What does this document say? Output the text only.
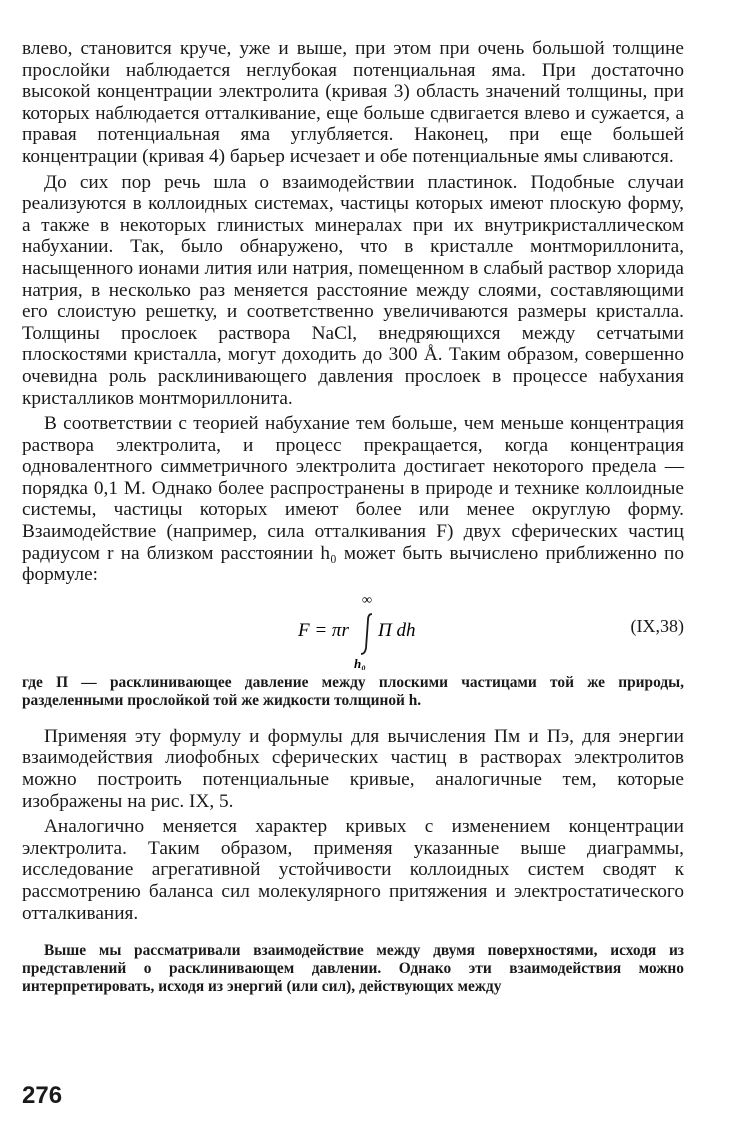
влево, становится круче, уже и выше, при этом при очень большой толщине прослойки наблюдается неглубокая потенциальная яма. При достаточно высокой концентрации электролита (кривая 3) область значений толщины, при которых наблюдается отталкивание, еще больше сдвигается влево и сужается, а правая потенциальная яма углубляется. Наконец, при еще большей концентрации (кривая 4) барьер исчезает и обе потенциальные ямы сливаются.

До сих пор речь шла о взаимодействии пластинок. Подобные случаи реализуются в коллоидных системах, частицы которых имеют плоскую форму, а также в некоторых глинистых минералах при их внутрикристаллическом набухании. Так, было обнаружено, что в кристалле монтмориллонита, насыщенного ионами лития или натрия, помещенном в слабый раствор хлорида натрия, в несколько раз меняется расстояние между слоями, составляющими его слоистую решетку, и соответственно увеличиваются размеры кристалла. Толщины прослоек раствора NaCl, внедряющихся между сетчатыми плоскостями кристалла, могут доходить до 300 Å. Таким образом, совершенно очевидна роль расклинивающего давления прослоек в процессе набухания кристалликов монтмориллонита.

В соответствии с теорией набухание тем больше, чем меньше концентрация раствора электролита, и процесс прекращается, когда концентрация одновалентного симметричного электролита достигает некоторого предела — порядка 0,1 М. Однако более распространены в природе и технике коллоидные системы, частицы которых имеют более или менее округлую форму. Взаимодействие (например, сила отталкивания F) двух сферических частиц радиусом r на близком расстоянии h₀ может быть вычислено приближенно по формуле:

F = πr
∞
h₀
Π dh	(IX,38)

где Π — расклинивающее давление между плоскими частицами той же природы, разделенными прослойкой той же жидкости толщиной h.

Применяя эту формулу и формулы для вычисления Πм и Πэ, для энергии взаимодействия лиофобных сферических частиц в растворах электролитов можно построить потенциальные кривые, аналогичные тем, которые изображены на рис. IX, 5.

Аналогично меняется характер кривых с изменением концентрации электролита. Таким образом, применяя указанные выше диаграммы, исследование агрегативной устойчивости коллоидных систем сводят к рассмотрению баланса сил молекулярного притяжения и электростатического отталкивания.

Выше мы рассматривали взаимодействие между двумя поверхностями, исходя из представлений о расклинивающем давлении. Однако эти взаимодействия можно интерпретировать, исходя из энергий (или сил), действующих между

276
